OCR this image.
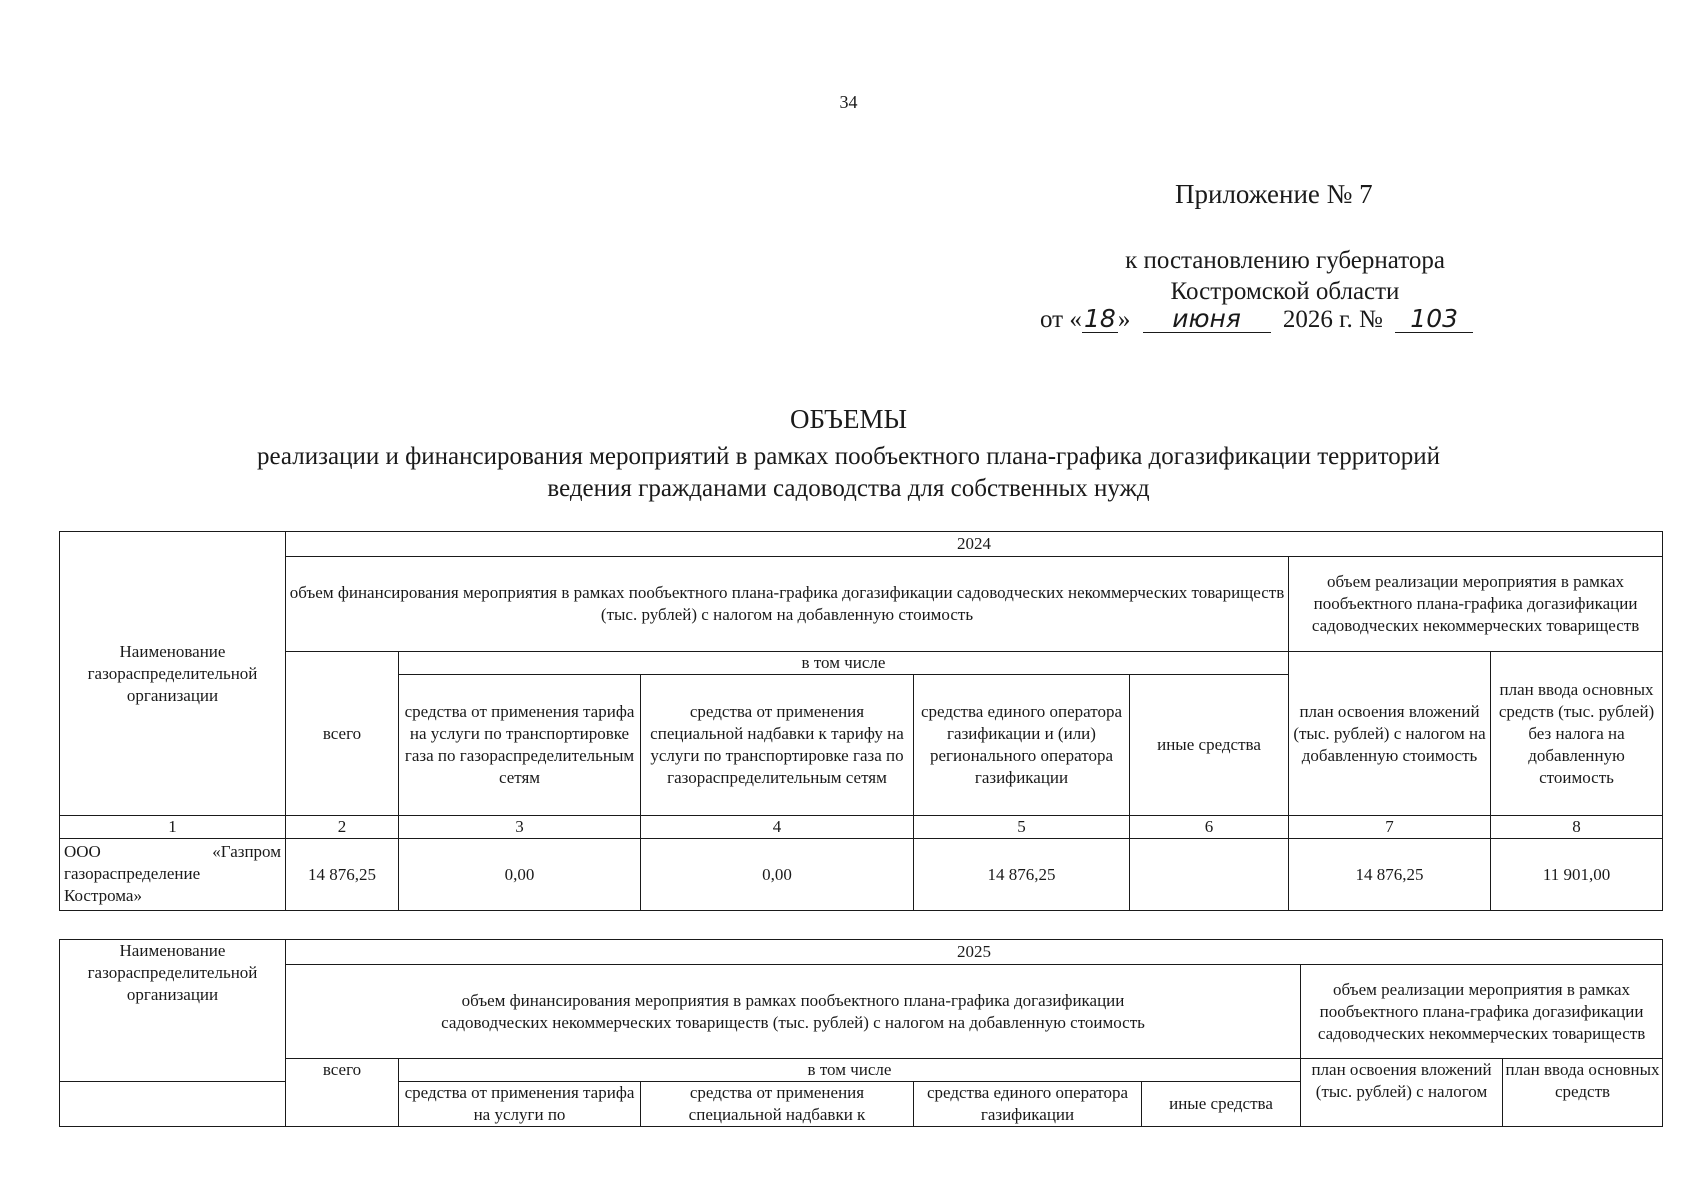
34
Приложение № 7
к постановлению губернатора
Костромской области
от «18» июня 2026 г. № 103
ОБЪЕМЫ
реализации и финансирования мероприятий в рамках пообъектного плана-графика догазификации территорий
ведения гражданами садоводства для собственных нужд
Наименование газораспределительной организации	2024						
	объем финансирования мероприятия в рамках пообъектного плана-графика догазификации садоводческих некоммерческих товариществ (тыс. рублей) с налогом на добавленную стоимость					объем реализации мероприятия в рамках пообъектного плана-графика догазификации садоводческих некоммерческих товариществ	
	всего	в том числе				план освоения вложений (тыс. рублей) с налогом на добавленную стоимость	план ввода основных средств (тыс. рублей) без налога на добавленную стоимость
		средства от применения тарифа на услуги по транспортировке газа по газораспределительным сетям	средства от применения специальной надбавки к тарифу на услуги по транспортировке газа по газораспределительным сетям	средства единого оператора газификации и (или) регионального оператора газификации	иные средства		
1	2	3	4	5	6	7	8

ООО «Газпром
газораспределение
Кострома»	14 876,25	0,00	0,00	14 876,25		14 876,25	11 901,00
Наименование газораспределительной организации	2025						

	объем финансирования мероприятия в рамках пообъектного плана-графика догазификации
садоводческих некоммерческих товариществ (тыс. рублей) с налогом на добавленную стоимость					объем реализации мероприятия в рамках пообъектного плана-графика догазификации садоводческих некоммерческих товариществ	
	всего	в том числе				план освоения вложений (тыс. рублей) с налогом	план ввода основных средств
		средства от применения тарифа на услуги по	средства от применения специальной надбавки к	средства единого оператора газификации	иные средства		
